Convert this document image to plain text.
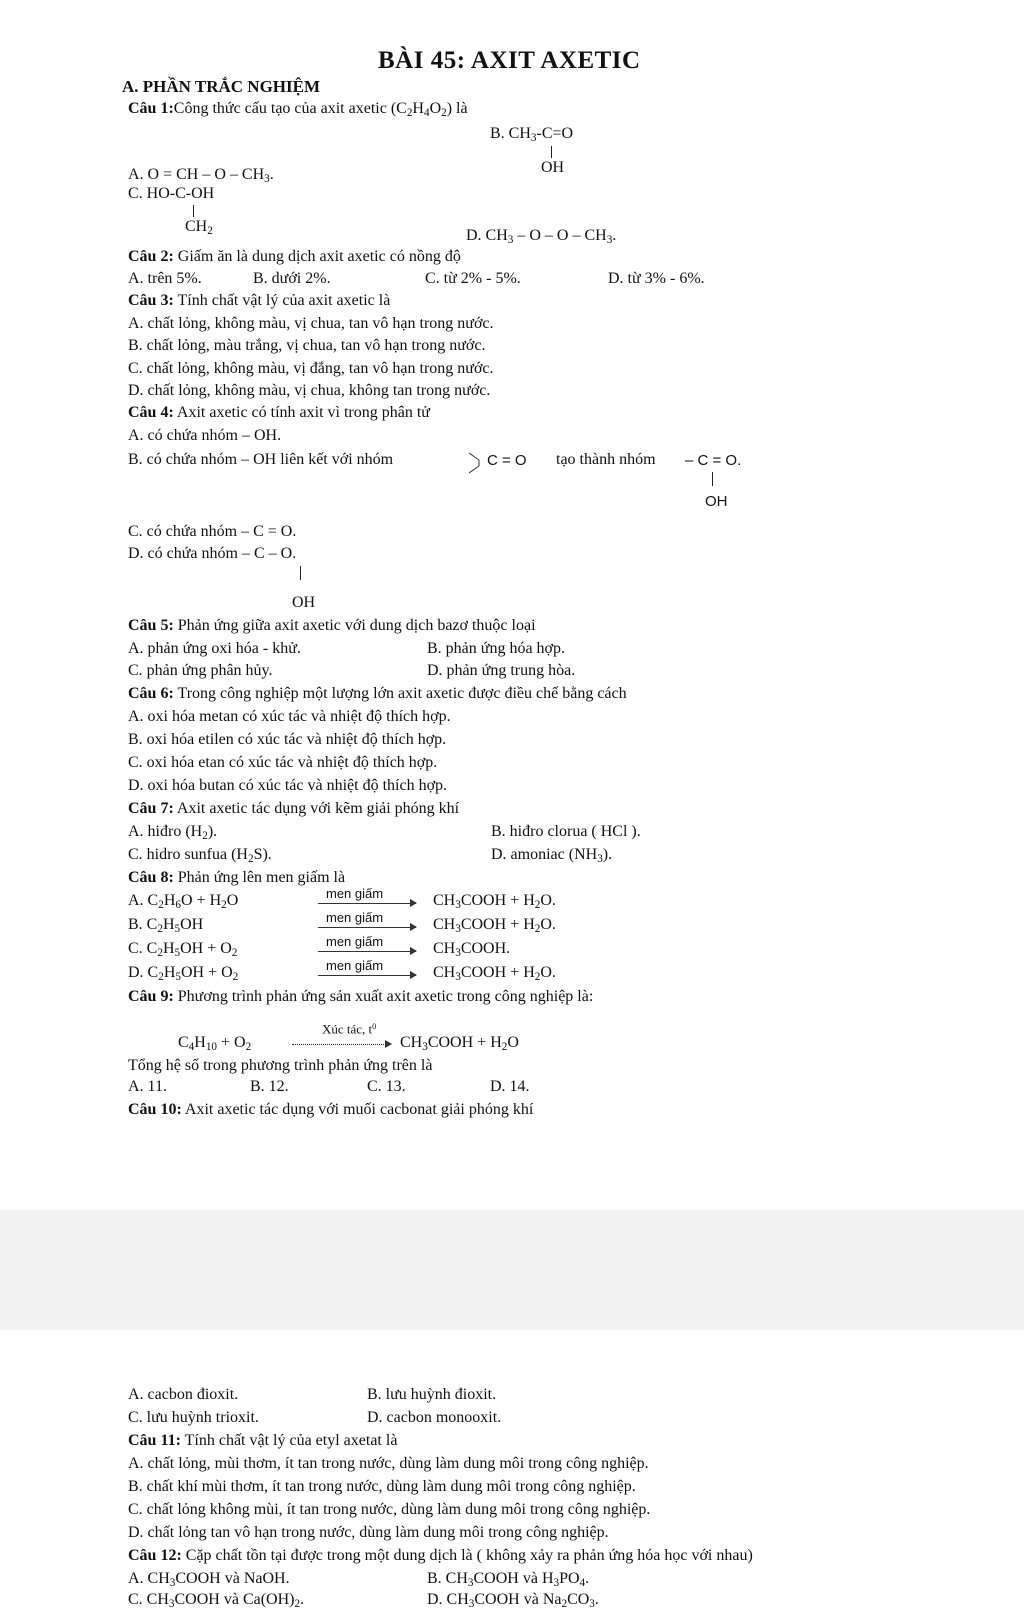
BÀI 45: AXIT AXETIC
A. PHẦN TRẮC NGHIỆM
Câu 1:Công thức cấu tạo của axit axetic $(C_2H_4O_2)$ là
B. $CH_3-C=O$
OH
A. O = CH – O – $CH_3$.
C. HO-C-OH
$CH_2$	D. $CH_3$ – O – O – $CH_3$.
Câu 2: Giấm ăn là dung dịch axit axetic có nồng độ
A. trên 5%.	B. dưới 2%.	C. từ 2% - 5%.	D. từ 3% - 6%.
Câu 3: Tính chất vật lý của axit axetic là
A. chất lỏng, không màu, vị chua, tan vô hạn trong nước.
B. chất lỏng, màu trắng, vị chua, tan vô hạn trong nước.
C. chất lỏng, không màu, vị đắng, tan vô hạn trong nước.
D. chất lỏng, không màu, vị chua, không tan trong nước.
Câu 4: Axit axetic có tính axit vì trong phân tử
A. có chứa nhóm – OH.
B. có chứa nhóm – OH liên kết với nhóm	C = O tạo thành nhóm – C = O.
OH
C. có chứa nhóm – C = O.
D. có chứa nhóm – C – O.
OH
Câu 5: Phản ứng giữa axit axetic với dung dịch bazơ thuộc loại
A. phản ứng oxi hóa - khử.	B. phản ứng hóa hợp.
C. phản ứng phân hủy.	D. phản ứng trung hòa.
Câu 6: Trong công nghiệp một lượng lớn axit axetic được điều chế bằng cách
A. oxi hóa metan có xúc tác và nhiệt độ thích hợp.
B. oxi hóa etilen có xúc tác và nhiệt độ thích hợp.
C. oxi hóa etan có xúc tác và nhiệt độ thích hợp.
D. oxi hóa butan có xúc tác và nhiệt độ thích hợp.
Câu 7: Axit axetic tác dụng với kẽm giải phóng khí
A. hiđro $(H_2)$.	B. hiđro clorua ( HCl ).
C. hidro sunfua $(H_2S)$.	D. amoniac $(NH_3)$.
Câu 8: Phản ứng lên men giấm là
A. $C_2H_6O + H_2O$	men giấm	$CH_3COOH + H_2O$.
B. $C_2H_5OH$	men giấm	$CH_3COOH + H_2O$.
C. $C_2H_5OH + O_2$
men giấm	$CH_3COOH$.
D. $C_2H_5OH + O_2$
men giấm	$CH_3COOH + H_2O$.
Câu 9: Phương trình phản ứng sản xuất axit axetic trong công nghiệp là:
$C_4H_{10} + O_2$
Xúc tác, $t^0$
$CH_3COOH + H_2O$
Tổng hệ số trong phương trình phản ứng trên là
A. 11.	B. 12.	C. 13.	D. 14.
Câu 10: Axit axetic tác dụng với muối cacbonat giải phóng khí
A. cacbon đioxit.	B. lưu huỳnh đioxit.
C. lưu huỳnh trioxit.	D. cacbon monooxit.
Câu 11: Tính chất vật lý của etyl axetat là
A. chất lỏng, mùi thơm, ít tan trong nước, dùng làm dung môi trong công nghiệp.
B. chất khí mùi thơm, ít tan trong nước, dùng làm dung môi trong công nghiệp.
C. chất lỏng không mùi, ít tan trong nước, dùng làm dung môi trong công nghiệp.
D. chất lỏng tan vô hạn trong nước, dùng làm dung môi trong công nghiệp.
Câu 12: Cặp chất tồn tại được trong một dung dịch là ( không xảy ra phản ứng hóa học với nhau)
A. $CH_3COOH$ và NaOH.	B. $CH_3COOH$ và $H_3PO_4$.
C. $CH_3COOH$ và $Ca(OH)_2$.	D. $CH_3COOH$ và $Na_2CO_3$.
